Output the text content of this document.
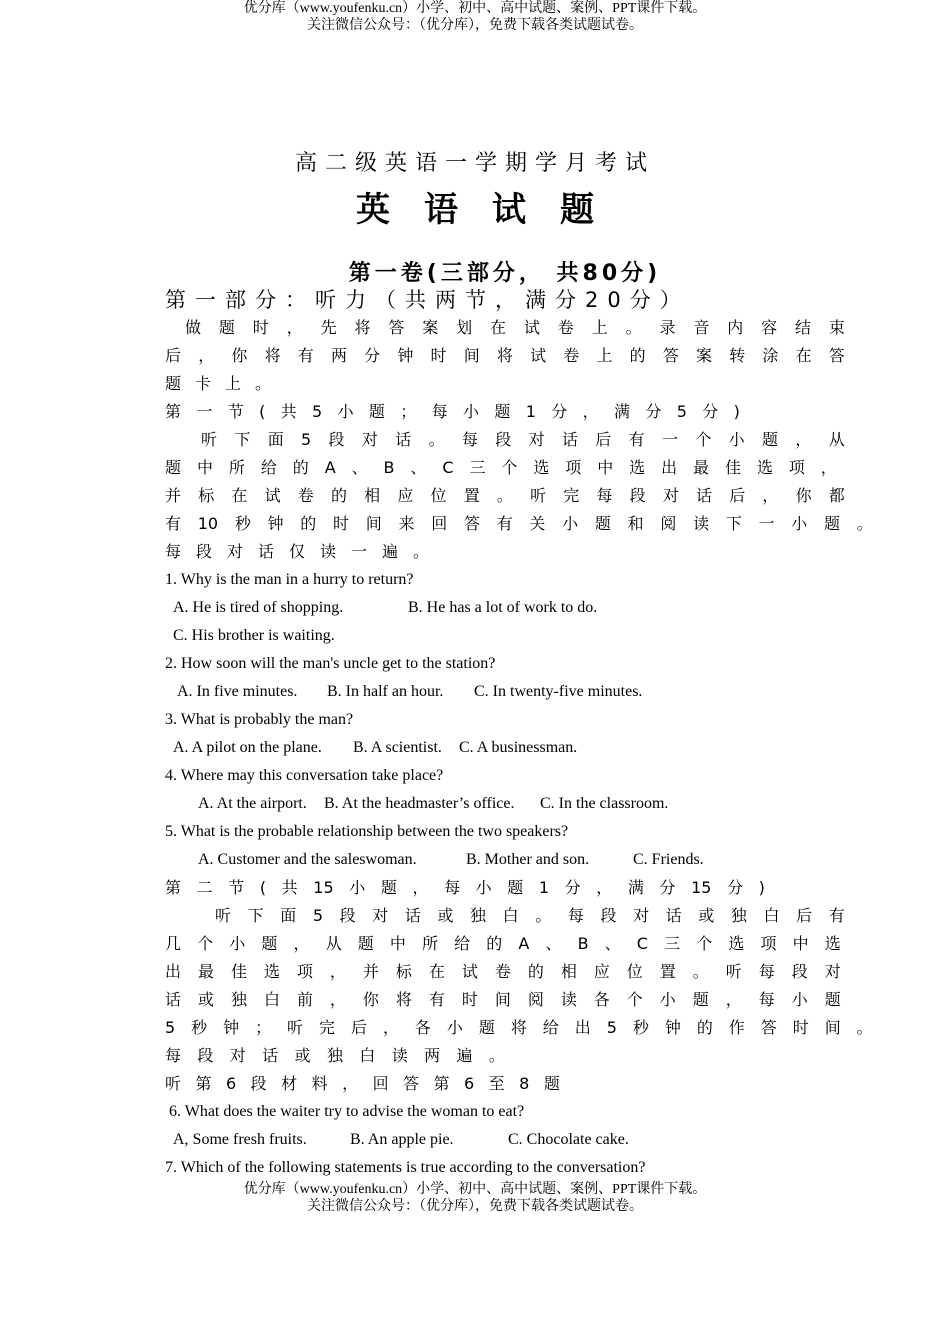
优分库（www.youfenku.cn）小学、初中、高中试题、案例、PPT课件下载。
关注微信公众号：（优分库），免费下载各类试题试卷。
高二级英语一学期学月考试
英语试题
第一卷(三部分， 共80分)
第一部分：听力（共两节，满分20分）
做 题 时 ， 先 将 答 案 划 在 试 卷 上 。 录 音 内 容 结 束
后 ， 你 将 有 两 分 钟 时 间 将 试 卷 上 的 答 案 转 涂 在 答
题卡上。
第 一 节 ( 共 5 小 题 ； 每 小 题 1 分 ， 满 分 5 分 )
听 下 面 5 段 对 话 。 每 段 对 话 后 有 一 个 小 题 ， 从
题 中 所 给 的 A 、 B 、 C 三 个 选 项 中 选 出 最 佳 选 项 ，
并 标 在 试 卷 的 相 应 位 置 。 听 完 每 段 对 话 后 ， 你 都
有 10 秒 钟 的 时 间 来 回 答 有 关 小 题 和 阅 读 下 一 小 题 。
每段对话仅读一遍。
1. Why is the man in a hurry to return?
A. He is tired of shopping.	B. He has a lot of work to do.
C. His brother is waiting.
2. How soon will the man's uncle get to the station?
A. In five minutes. B. In half an hour. C. In twenty-five minutes.
3. What is probably the man?
A. A pilot on the plane. B. A scientist. C. A businessman.
4. Where may this conversation take place?
A. At the airport. B. At the headmaster’s office. C. In the classroom.
5. What is the probable relationship between the two speakers?
A. Customer and the saleswoman.	B. Mother and son.	C. Friends.
第 二 节 ( 共 15 小 题 ， 每 小 题 1 分 ， 满 分 15 分 )
听 下 面 5 段 对 话 或 独 白 。 每 段 对 话 或 独 白 后 有
几 个 小 题 ， 从 题 中 所 给 的 A 、 B 、 C 三 个 选 项 中 选
出 最 佳 选 项 ， 并 标 在 试 卷 的 相 应 位 置 。 听 每 段 对
话 或 独 白 前 ， 你 将 有 时 间 阅 读 各 个 小 题 ， 每 小 题
5 秒 钟 ； 听 完 后 ， 各 小 题 将 给 出 5 秒 钟 的 作 答 时 间 。
每 段 对 话 或 独 白 读 两 遍 。
听 第 6 段 材 料 ， 回 答 第 6 至 8 题
6. What does the waiter try to advise the woman to eat?
A, Some fresh fruits.	B. An apple pie.	C. Chocolate cake.
7. Which of the following statements is true according to the conversation?
优分库（www.youfenku.cn）小学、初中、高中试题、案例、PPT课件下载。
关注微信公众号：（优分库），免费下载各类试题试卷。
